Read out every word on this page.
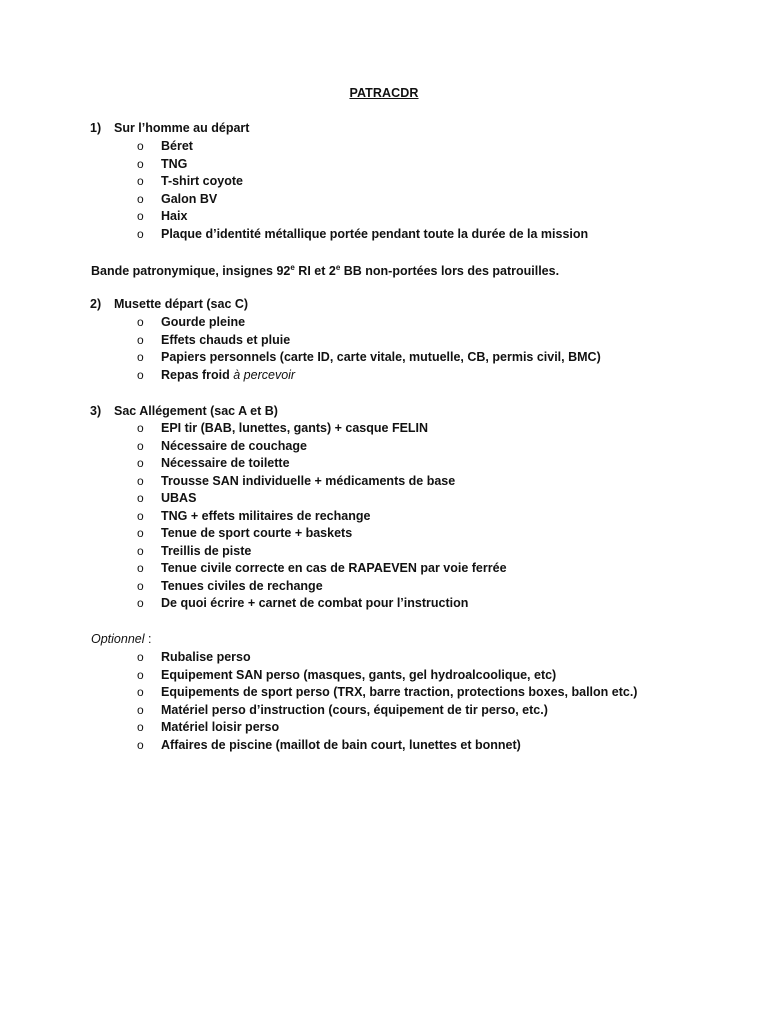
PATRACDR
1) Sur l’homme au départ
o Béret
o TNG
o T-shirt coyote
o Galon BV
o Haix
o Plaque d’identité métallique portée pendant toute la durée de la mission
Bande patronymique, insignes 92e RI et 2e BB non-portées lors des patrouilles.
2) Musette départ (sac C)
o Gourde pleine
o Effets chauds et pluie
o Papiers personnels (carte ID, carte vitale, mutuelle, CB, permis civil, BMC)
o Repas froid à percevoir
3) Sac Allégement (sac A et B)
o EPI tir (BAB, lunettes, gants) + casque FELIN
o Nécessaire de couchage
o Nécessaire de toilette
o Trousse SAN individuelle + médicaments de base
o UBAS
o TNG + effets militaires de rechange
o Tenue de sport courte + baskets
o Treillis de piste
o Tenue civile correcte en cas de RAPAEVEN par voie ferrée
o Tenues civiles de rechange
o De quoi écrire + carnet de combat pour l’instruction
Optionnel :
o Rubalise perso
o Equipement SAN perso (masques, gants, gel hydroalcoolique, etc)
o Equipements de sport perso (TRX, barre traction, protections boxes, ballon etc.)
o Matériel perso d’instruction (cours, équipement de tir perso, etc.)
o Matériel loisir perso
o Affaires de piscine (maillot de bain court, lunettes et bonnet)
